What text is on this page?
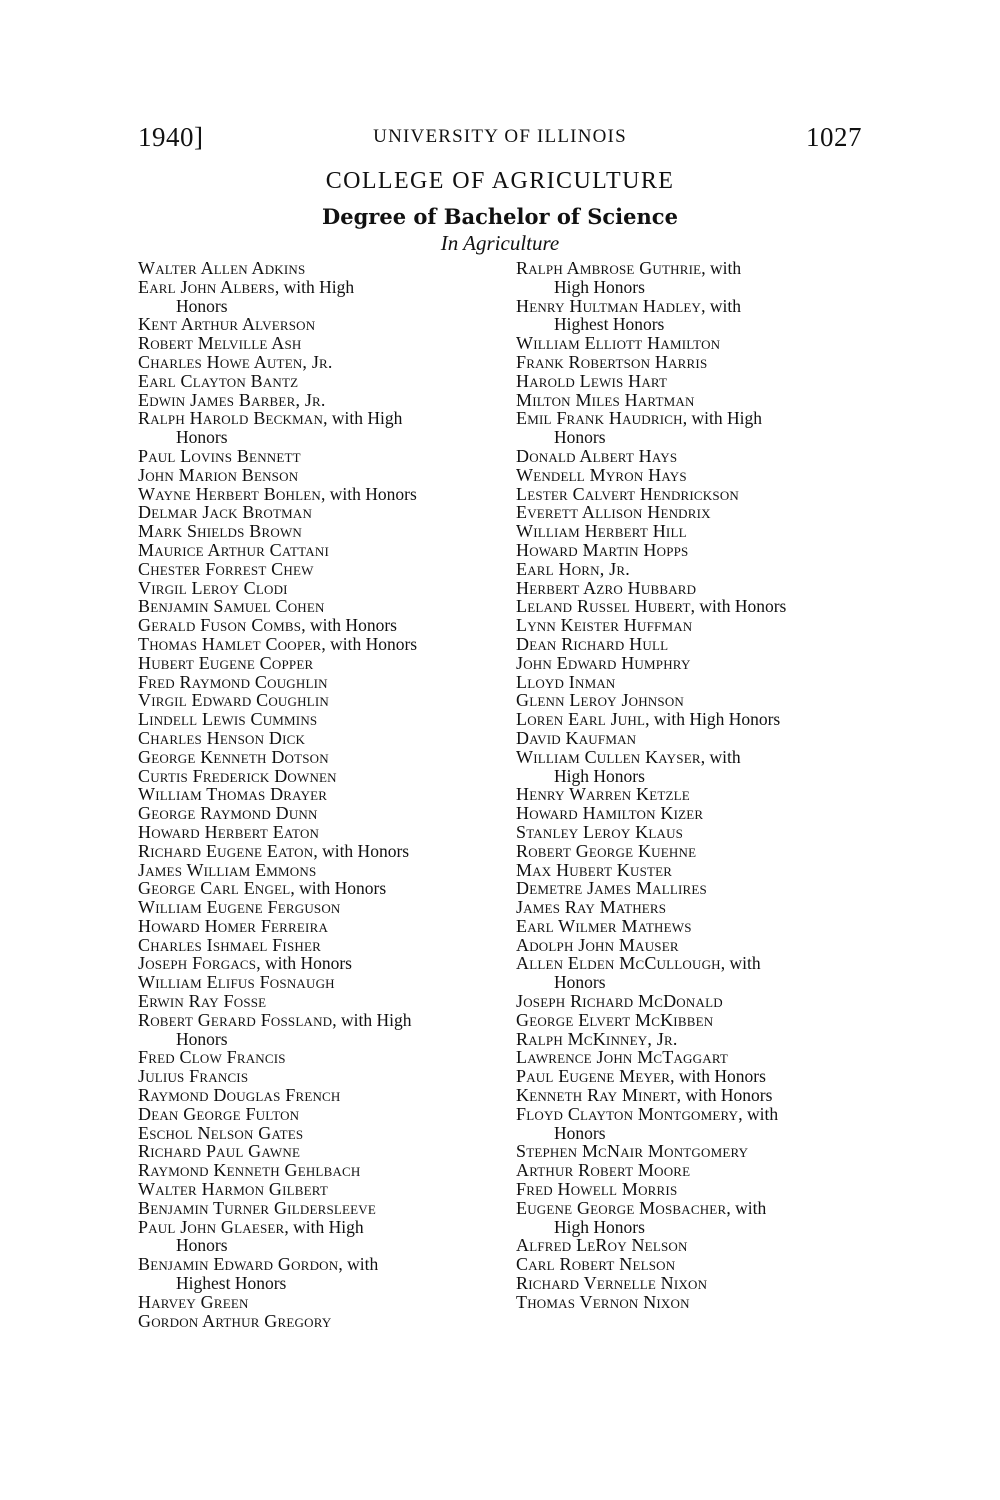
1940]	UNIVERSITY OF ILLINOIS	1027
COLLEGE OF AGRICULTURE
Degree of Bachelor of Science
In Agriculture
Walter Allen Adkins
Earl John Albers, with High
Honors
Kent Arthur Alverson
Robert Melville Ash
Charles Howe Auten, Jr.
Earl Clayton Bantz
Edwin James Barber, Jr.
Ralph Harold Beckman, with High
Honors
Paul Lovins Bennett
John Marion Benson
Wayne Herbert Bohlen, with Honors
Delmar Jack Brotman
Mark Shields Brown
Maurice Arthur Cattani
Chester Forrest Chew
Virgil Leroy Clodi
Benjamin Samuel Cohen
Gerald Fuson Combs, with Honors
Thomas Hamlet Cooper, with Honors
Hubert Eugene Copper
Fred Raymond Coughlin
Virgil Edward Coughlin
Lindell Lewis Cummins
Charles Henson Dick
George Kenneth Dotson
Curtis Frederick Downen
William Thomas Drayer
George Raymond Dunn
Howard Herbert Eaton
Richard Eugene Eaton, with Honors
James William Emmons
George Carl Engel, with Honors
William Eugene Ferguson
Howard Homer Ferreira
Charles Ishmael Fisher
Joseph Forgacs, with Honors
William Elifus Fosnaugh
Erwin Ray Fosse
Robert Gerard Fossland, with High
Honors
Fred Clow Francis
Julius Francis
Raymond Douglas French
Dean George Fulton
Eschol Nelson Gates
Richard Paul Gawne
Raymond Kenneth Gehlbach
Walter Harmon Gilbert
Benjamin Turner Gildersleeve
Paul John Glaeser, with High
Honors
Benjamin Edward Gordon, with
Highest Honors
Harvey Green
Gordon Arthur Gregory
Ralph Ambrose Guthrie, with
High Honors
Henry Hultman Hadley, with
Highest Honors
William Elliott Hamilton
Frank Robertson Harris
Harold Lewis Hart
Milton Miles Hartman
Emil Frank Haudrich, with High
Honors
Donald Albert Hays
Wendell Myron Hays
Lester Calvert Hendrickson
Everett Allison Hendrix
William Herbert Hill
Howard Martin Hopps
Earl Horn, Jr.
Herbert Azro Hubbard
Leland Russel Hubert, with Honors
Lynn Keister Huffman
Dean Richard Hull
John Edward Humphry
Lloyd Inman
Glenn Leroy Johnson
Loren Earl Juhl, with High Honors
David Kaufman
William Cullen Kayser, with
High Honors
Henry Warren Ketzle
Howard Hamilton Kizer
Stanley Leroy Klaus
Robert George Kuehne
Max Hubert Kuster
Demetre James Mallires
James Ray Mathers
Earl Wilmer Mathews
Adolph John Mauser
Allen Elden McCullough, with
Honors
Joseph Richard McDonald
George Elvert McKibben
Ralph McKinney, Jr.
Lawrence John McTaggart
Paul Eugene Meyer, with Honors
Kenneth Ray Minert, with Honors
Floyd Clayton Montgomery, with
Honors
Stephen McNair Montgomery
Arthur Robert Moore
Fred Howell Morris
Eugene George Mosbacher, with
High Honors
Alfred LeRoy Nelson
Carl Robert Nelson
Richard Vernelle Nixon
Thomas Vernon Nixon
